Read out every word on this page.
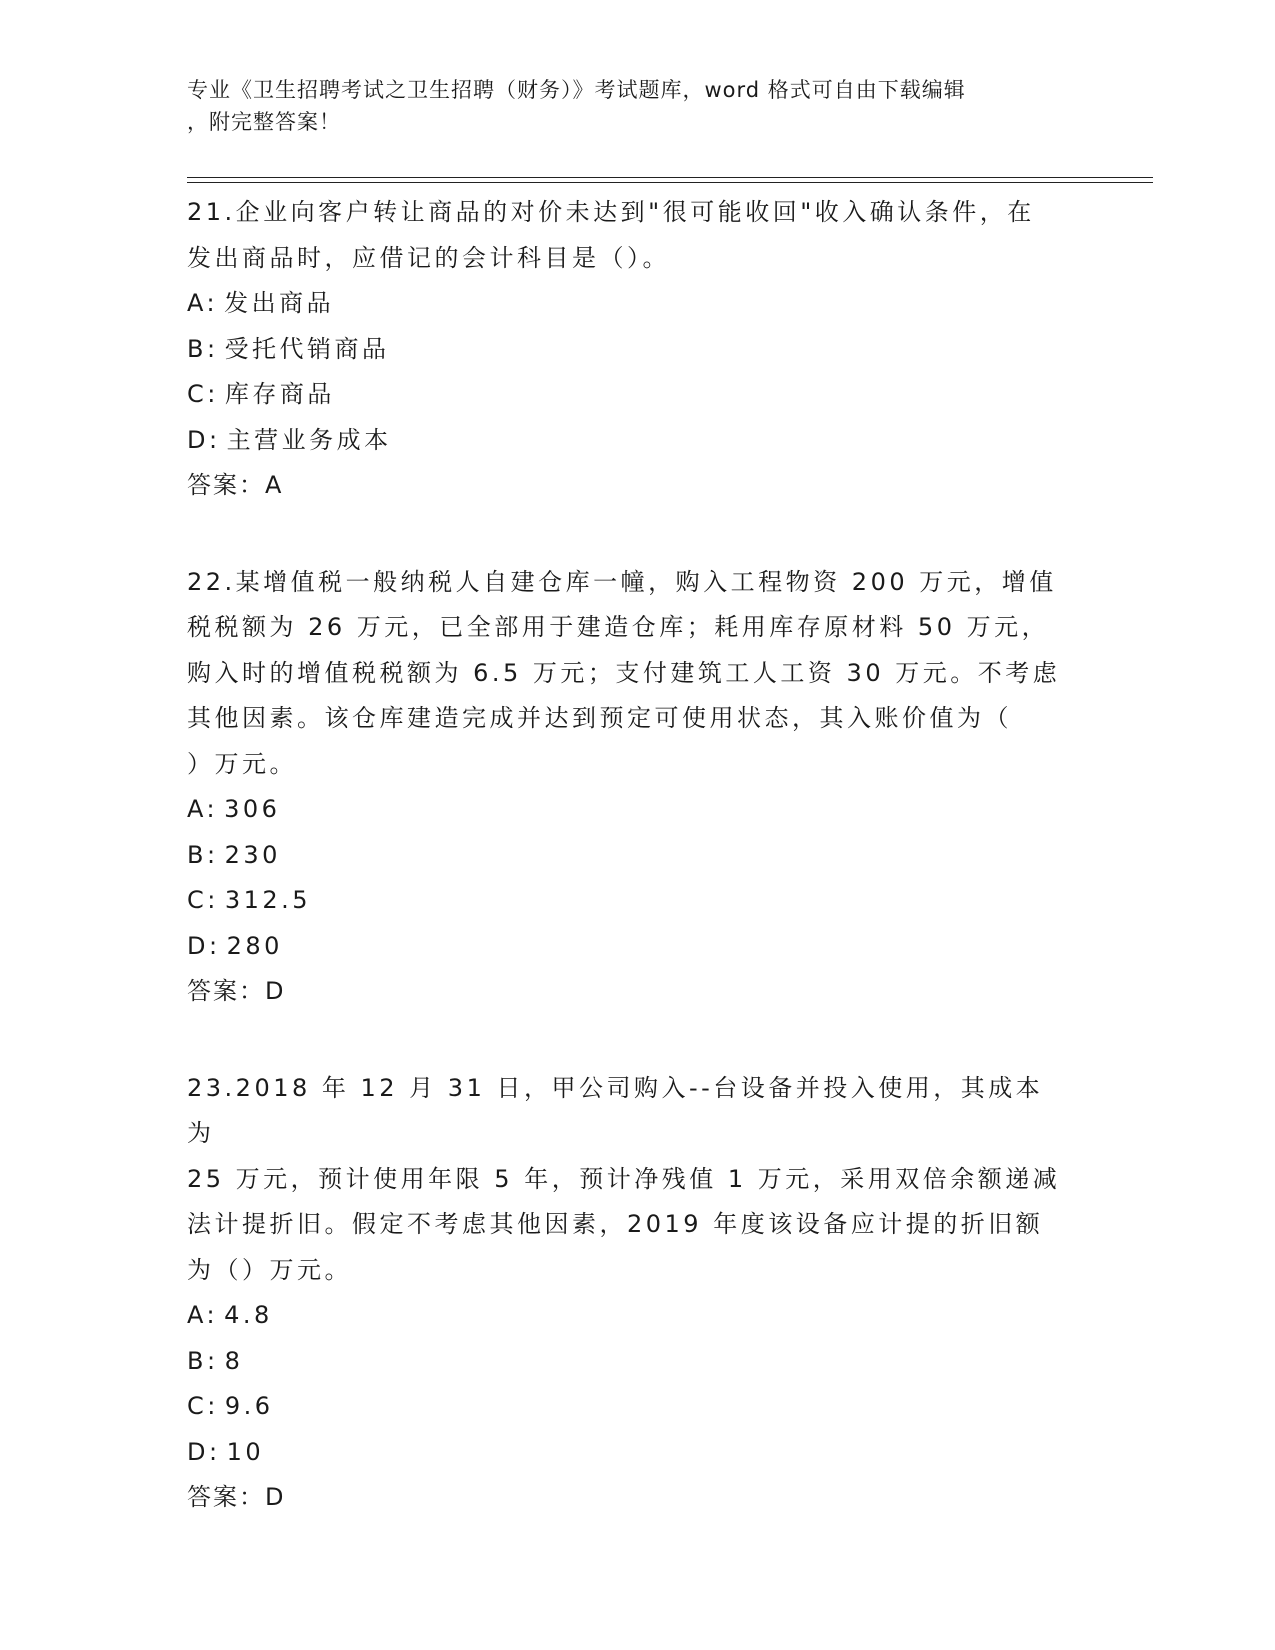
专业《卫生招聘考试之卫生招聘（财务）》考试题库，word 格式可自由下载编辑
，附完整答案！

21.企业向客户转让商品的对价未达到"很可能收回"收入确认条件，在

发出商品时，应借记的会计科目是（）。

A: 发出商品

B: 受托代销商品

C: 库存商品

D: 主营业务成本

答案：A

22.某增值税一般纳税人自建仓库一幢，购入工程物资 200 万元，增值

税税额为 26 万元，已全部用于建造仓库；耗用库存原材料 50 万元，

购入时的增值税税额为 6.5 万元；支付建筑工人工资 30 万元。不考虑

其他因素。该仓库建造完成并达到预定可使用状态，其入账价值为（

）万元。

A: 306

B: 230

C: 312.5

D: 280

答案：D

23.2018 年 12 月 31 日，甲公司购入--台设备并投入使用，其成本为

25 万元，预计使用年限 5 年，预计净残值 1 万元，采用双倍余额递减

法计提折旧。假定不考虑其他因素，2019 年度该设备应计提的折旧额

为（）万元。

A: 4.8

B: 8

C: 9.6

D: 10

答案：D
